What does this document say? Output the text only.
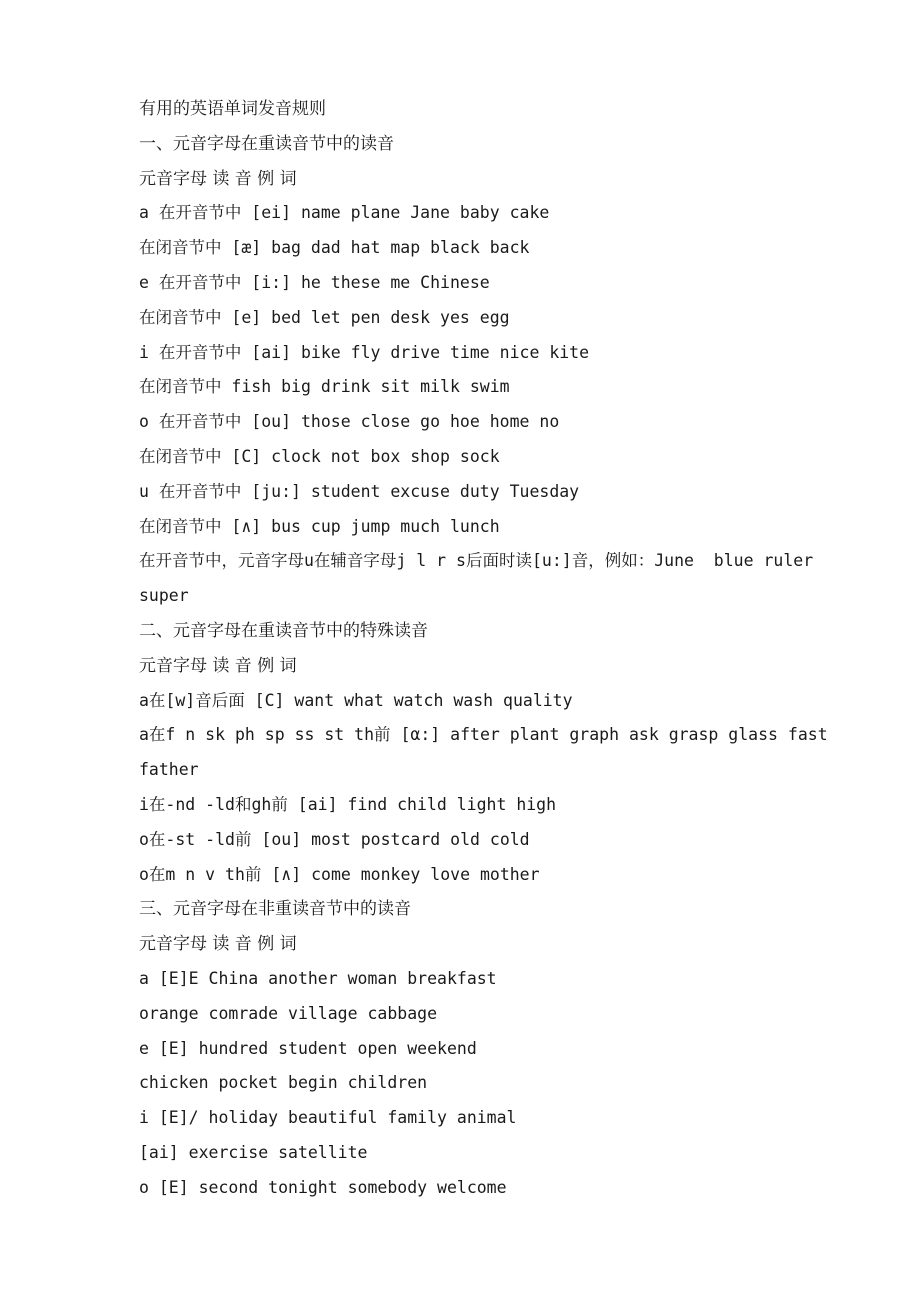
有用的英语单词发音规则
一、元音字母在重读音节中的读音
元音字母 读 音 例 词
a 在开音节中 [ei] name plane Jane baby cake
在闭音节中 [æ] bag dad hat map black back
e 在开音节中 [i:] he these me Chinese
在闭音节中 [e] bed let pen desk yes egg
i 在开音节中 [ai] bike fly drive time nice kite
在闭音节中 fish big drink sit milk swim
o 在开音节中 [ou] those close go hoe home no
在闭音节中 [C] clock not box shop sock
u 在开音节中 [ju:] student excuse duty Tuesday
在闭音节中 [∧] bus cup jump much lunch
在开音节中，元音字母u在辅音字母j l r s后面时读[u:]音，例如：June  blue ruler super
二、元音字母在重读音节中的特殊读音
元音字母 读 音 例 词
a在[w]音后面 [C] want what watch wash quality
a在f n sk ph sp ss st th前 [α:] after plant graph ask grasp glass fast father
i在-nd -ld和gh前 [ai] find child light high
o在-st -ld前 [ou] most postcard old cold
o在m n v th前 [∧] come monkey love mother
三、元音字母在非重读音节中的读音
元音字母 读 音 例 词
a [E]E China another woman breakfast
orange comrade village cabbage
e [E] hundred student open weekend
chicken pocket begin children
i [E]/ holiday beautiful family animal
[ai] exercise satellite
o [E] second tonight somebody welcome
